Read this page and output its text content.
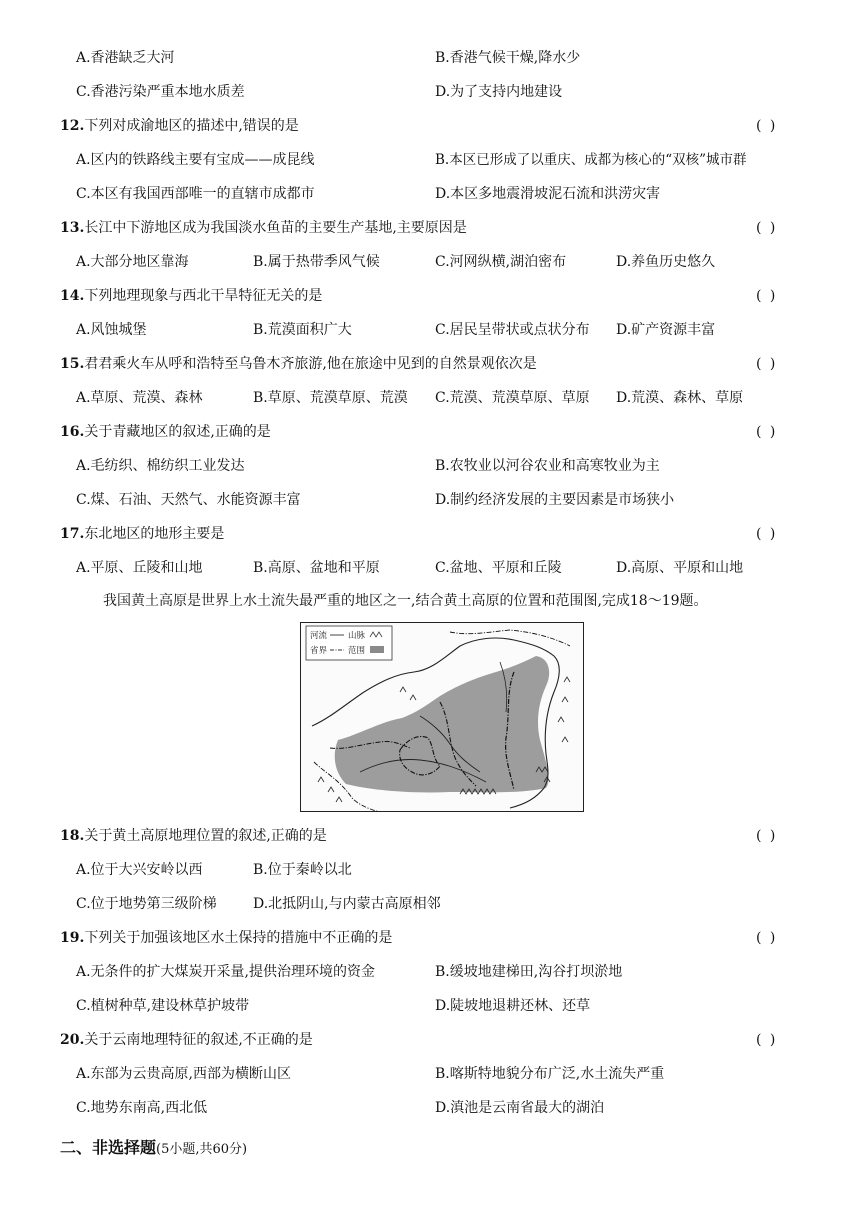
A.香港缺乏大河	B.香港气候干燥,降水少
C.香港污染严重本地水质差	D.为了支持内地建设
12.下列对成渝地区的描述中,错误的是	( )
A.区内的铁路线主要有宝成——成昆线	B.本区已形成了以重庆、成都为核心的“双核”城市群
C.本区有我国西部唯一的直辖市成都市	D.本区多地震滑坡泥石流和洪涝灾害
13.长江中下游地区成为我国淡水鱼苗的主要生产基地,主要原因是	( )
A.大部分地区靠海	B.属于热带季风气候	C.河网纵横,湖泊密布	D.养鱼历史悠久
14.下列地理现象与西北干旱特征无关的是	( )
A.风蚀城堡	B.荒漠面积广大	C.居民呈带状或点状分布 D.矿产资源丰富
15.君君乘火车从呼和浩特至乌鲁木齐旅游,他在旅途中见到的自然景观依次是	( )
A.草原、荒漠、森林	B.草原、荒漠草原、荒漠 C.荒漠、荒漠草原、草原 D.荒漠、森林、草原
16.关于青藏地区的叙述,正确的是	( )
A.毛纺织、棉纺织工业发达	B.农牧业以河谷农业和高寒牧业为主
C.煤、石油、天然气、水能资源丰富	D.制约经济发展的主要因素是市场狭小
17.东北地区的地形主要是	( )
A.平原、丘陵和山地	B.高原、盆地和平原	C.盆地、平原和丘陵	D.高原、平原和山地
我国黄土高原是世界上水土流失最严重的地区之一,结合黄土高原的位置和范围图,完成18～19题。
河流 山脉
省界 范围
18.关于黄土高原地理位置的叙述,正确的是	( )
A.位于大兴安岭以西	B.位于秦岭以北
C.位于地势第三级阶梯	D.北抵阴山,与内蒙古高原相邻
19.下列关于加强该地区水土保持的措施中不正确的是	( )
A.无条件的扩大煤炭开采量,提供治理环境的资金	B.缓坡地建梯田,沟谷打坝淤地
C.植树种草,建设林草护坡带	D.陡坡地退耕还林、还草
20.关于云南地理特征的叙述,不正确的是	( )
A.东部为云贵高原,西部为横断山区	B.喀斯特地貌分布广泛,水土流失严重
C.地势东南高,西北低	D.滇池是云南省最大的湖泊
二、非选择题(5小题,共60分)
